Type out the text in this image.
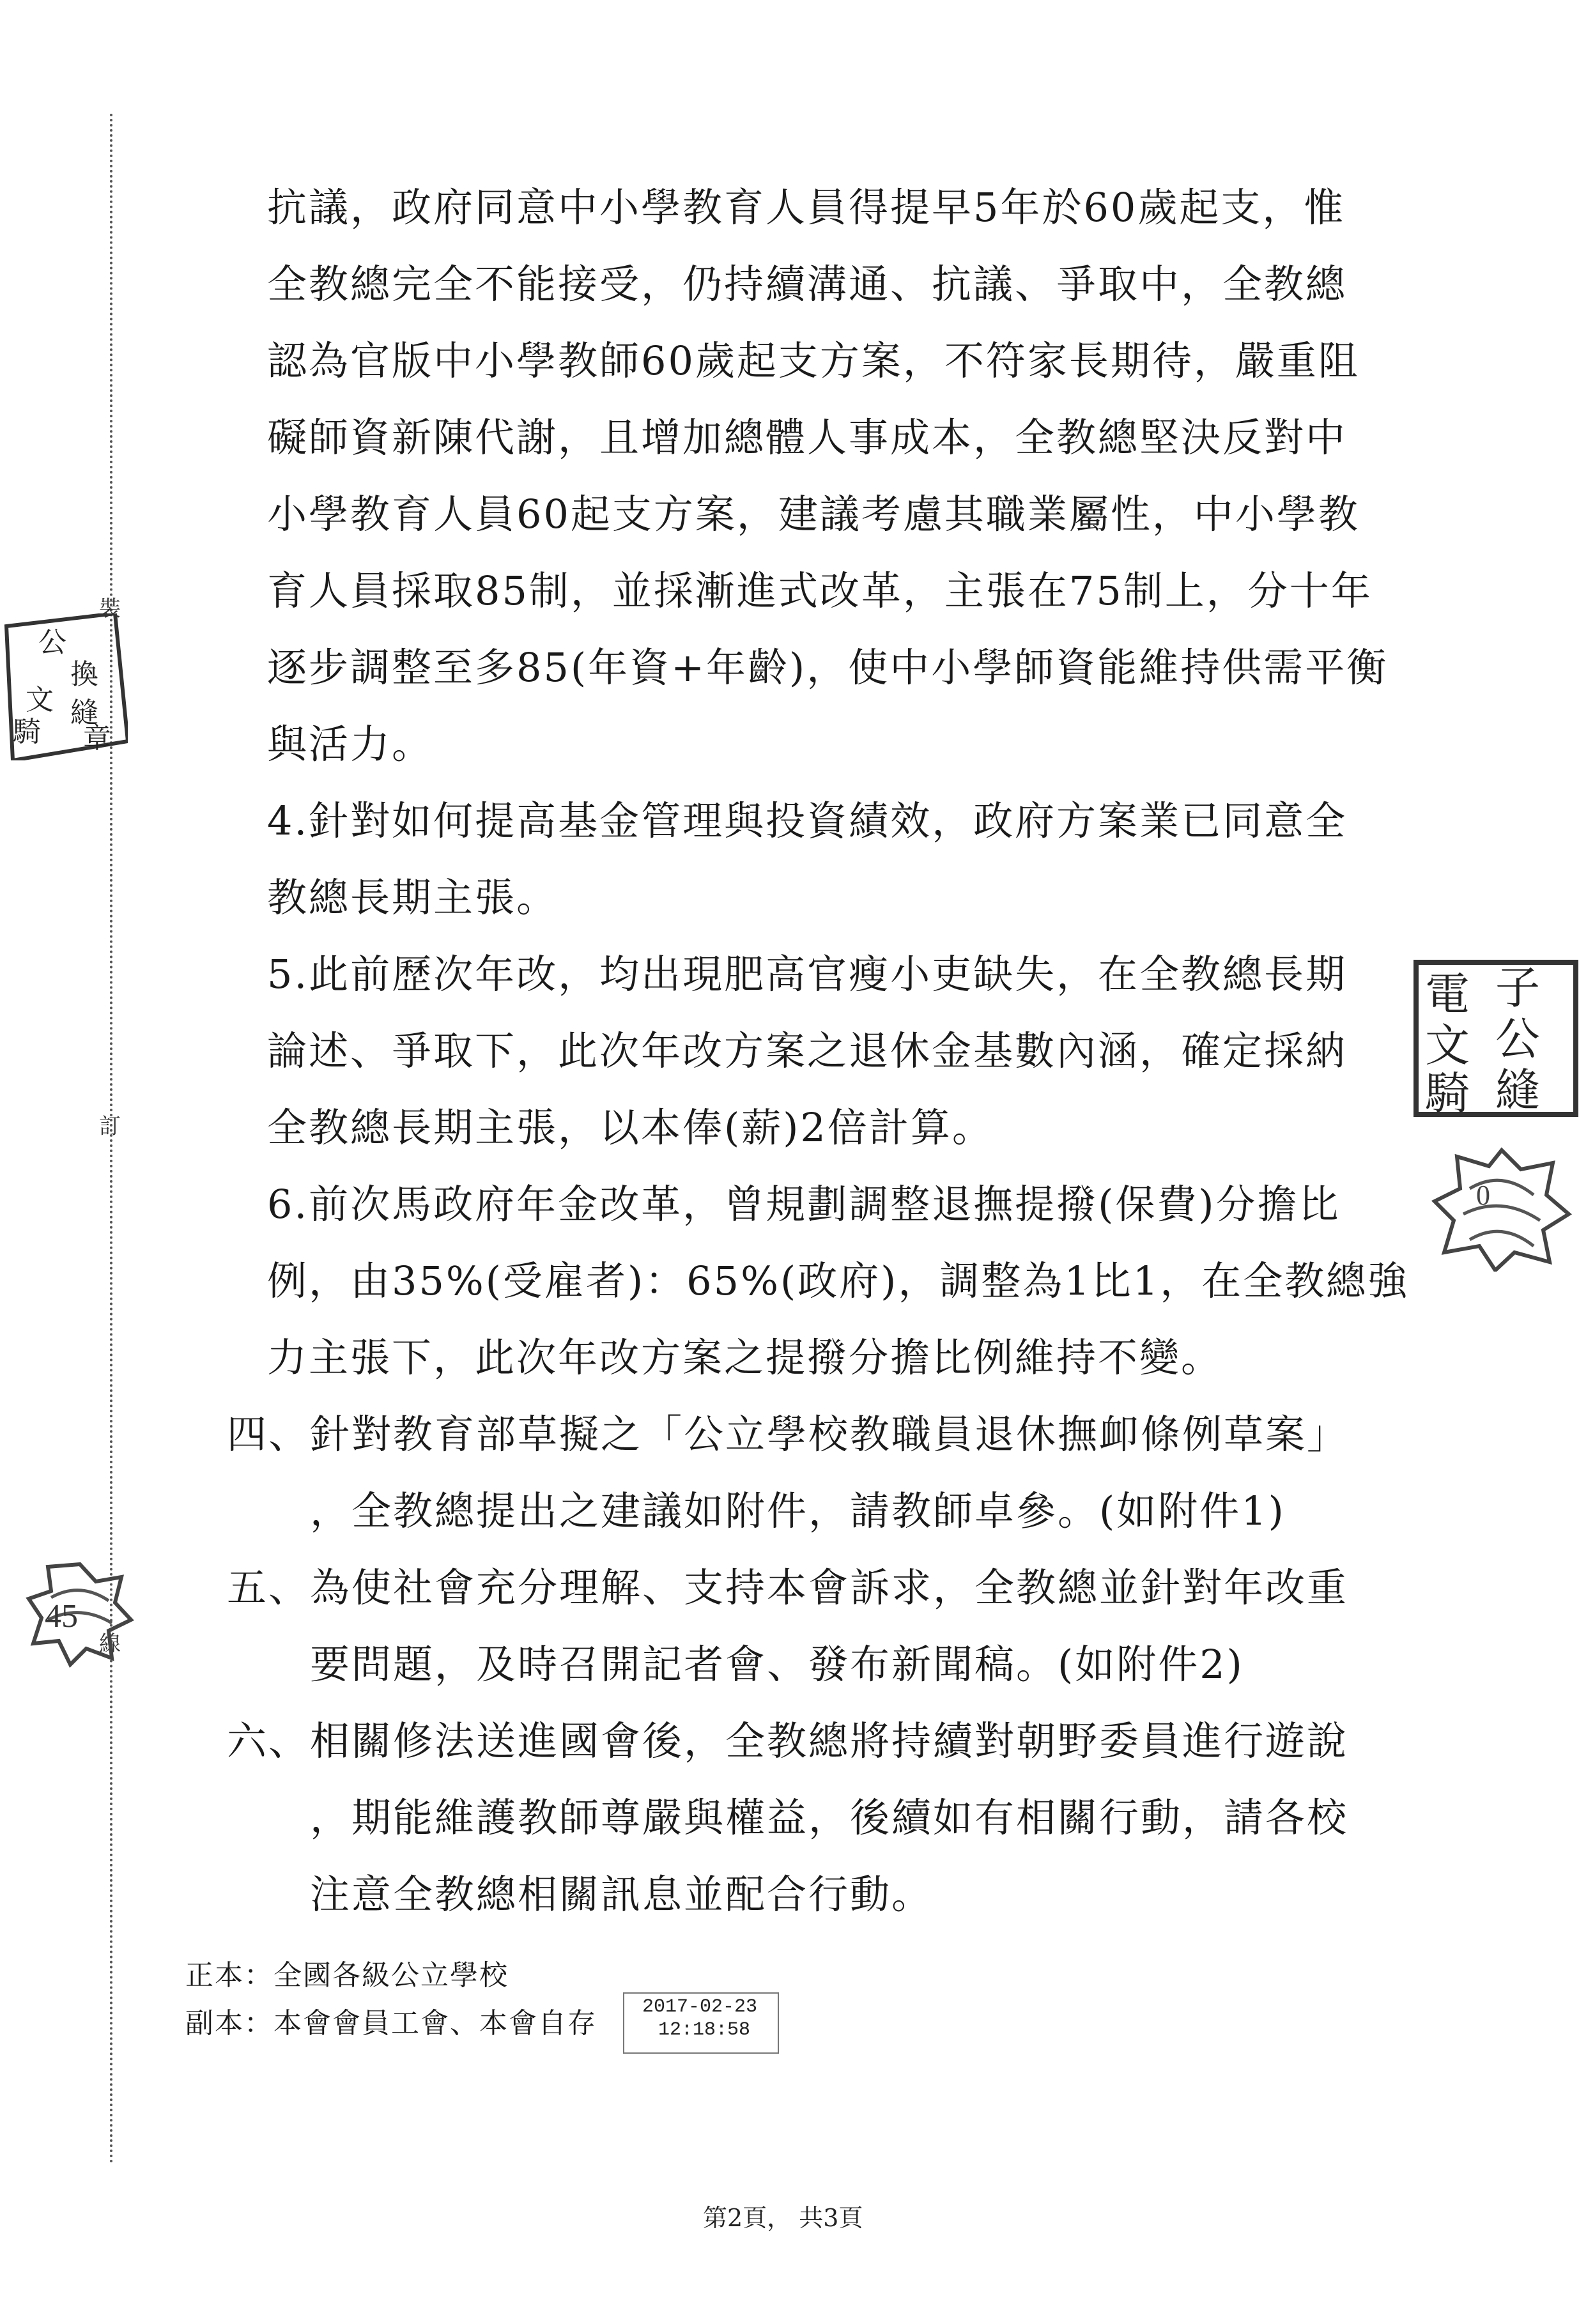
裝
訂
線
公
換
文
騎
縫
章
電 子
文 公
騎 縫
0
45
抗議，政府同意中小學教育人員得提早5年於60歲起支，惟
全教總完全不能接受，仍持續溝通、抗議、爭取中，全教總
認為官版中小學教師60歲起支方案，不符家長期待，嚴重阻
礙師資新陳代謝，且增加總體人事成本，全教總堅決反對中
小學教育人員60起支方案，建議考慮其職業屬性，中小學教
育人員採取85制，並採漸進式改革，主張在75制上，分十年
逐步調整至多85(年資+年齡)，使中小學師資能維持供需平衡
與活力。
4.針對如何提高基金管理與投資績效，政府方案業已同意全
教總長期主張。
5.此前歷次年改，均出現肥高官瘦小吏缺失，在全教總長期
論述、爭取下，此次年改方案之退休金基數內涵，確定採納
全教總長期主張，以本俸(薪)2倍計算。
6.前次馬政府年金改革，曾規劃調整退撫提撥(保費)分擔比
例，由35%(受雇者)：65%(政府)，調整為1比1，在全教總強
力主張下，此次年改方案之提撥分擔比例維持不變。
四、針對教育部草擬之「公立學校教職員退休撫卹條例草案」
，全教總提出之建議如附件，請教師卓參。(如附件1)
五、為使社會充分理解、支持本會訴求，全教總並針對年改重
要問題，及時召開記者會、發布新聞稿。(如附件2)
六、相關修法送進國會後，全教總將持續對朝野委員進行遊說
，期能維護教師尊嚴與權益，後續如有相關行動，請各校
注意全教總相關訊息並配合行動。
正本：全國各級公立學校
副本：本會會員工會、本會自存 2017-02-23
12:18:58
第2頁， 共3頁
